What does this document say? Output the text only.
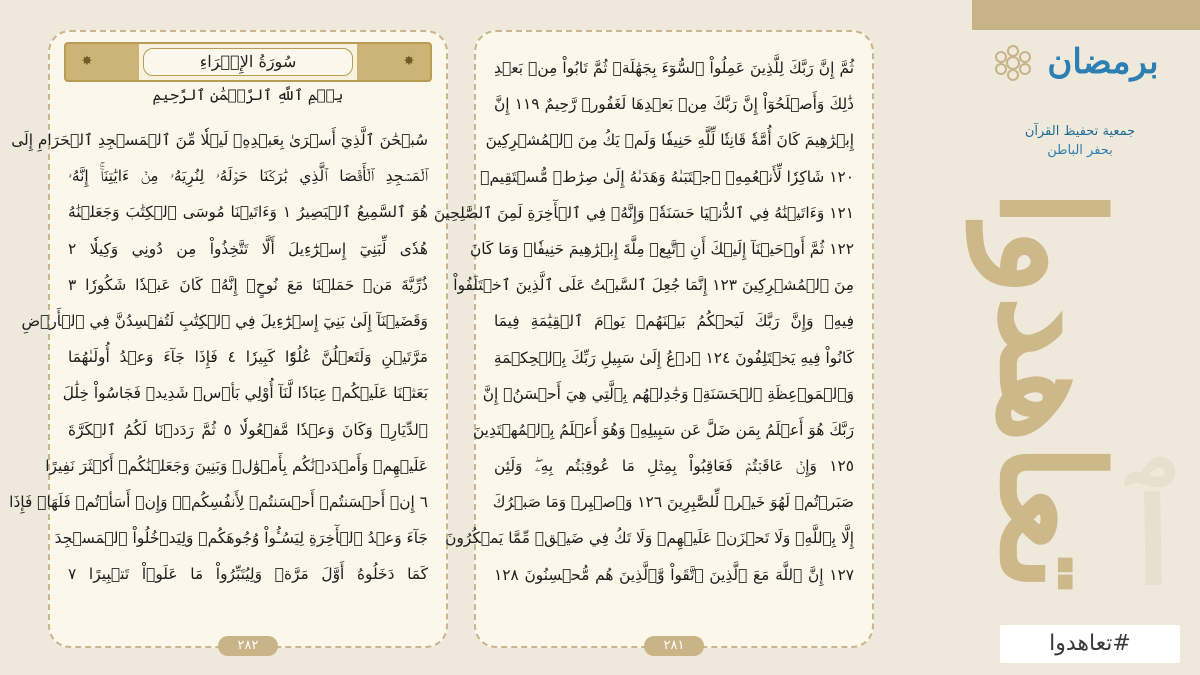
ٱ
برمضان
جمعية تحفيظ القرآن
بحفر الباطن
تعاهدوا
#تعاهدوا
✸	سُورَةُ الإِسۡرَاءِ	✸
بِسۡمِ ٱللَّهِ ٱلرَّحۡمَٰنِ ٱلرَّحِيمِ
سُبۡحَٰنَ ٱلَّذِيٓ أَسۡرَىٰ بِعَبۡدِهِۦ لَيۡلٗا مِّنَ ٱلۡمَسۡجِدِ ٱلۡحَرَامِ إِلَى
ٱلۡمَسۡجِدِ ٱلۡأَقۡصَا ٱلَّذِي بَٰرَكۡنَا حَوۡلَهُۥ لِنُرِيَهُۥ مِنۡ ءَايَٰتِنَآۚ إِنَّهُۥ
هُوَ ٱلسَّمِيعُ ٱلۡبَصِيرُ ١ وَءَاتَيۡنَا مُوسَى ٱلۡكِتَٰبَ وَجَعَلۡنَٰهُ
هُدٗى لِّبَنِيٓ إِسۡرَٰٓءِيلَ أَلَّا تَتَّخِذُواْ مِن دُونِي وَكِيلٗا ٢
ذُرِّيَّةَ مَنۡ حَمَلۡنَا مَعَ نُوحٍۚ إِنَّهُۥ كَانَ عَبۡدٗا شَكُورٗا ٣
وَقَضَيۡنَآ إِلَىٰ بَنِيٓ إِسۡرَٰٓءِيلَ فِي ٱلۡكِتَٰبِ لَتُفۡسِدُنَّ فِي ٱلۡأَرۡضِ
مَرَّتَيۡنِ وَلَتَعۡلُنَّ عُلُوّٗا كَبِيرٗا ٤ فَإِذَا جَآءَ وَعۡدُ أُولَىٰهُمَا
بَعَثۡنَا عَلَيۡكُمۡ عِبَادٗا لَّنَآ أُوْلِي بَأۡسٖ شَدِيدٖ فَجَاسُواْ خِلَٰلَ
ٱلدِّيَارِۚ وَكَانَ وَعۡدٗا مَّفۡعُولٗا ٥ ثُمَّ رَدَدۡنَا لَكُمُ ٱلۡكَرَّةَ
عَلَيۡهِمۡ وَأَمۡدَدۡنَٰكُم بِأَمۡوَٰلٖ وَبَنِينَ وَجَعَلۡنَٰكُمۡ أَكۡثَرَ نَفِيرًا
٦ إِنۡ أَحۡسَنتُمۡ أَحۡسَنتُمۡ لِأَنفُسِكُمۡۖ وَإِنۡ أَسَأۡتُمۡ فَلَهَاۚ فَإِذَا
جَآءَ وَعۡدُ ٱلۡأٓخِرَةِ لِيَسُـُٔواْ وُجُوهَكُمۡ وَلِيَدۡخُلُواْ ٱلۡمَسۡجِدَ
كَمَا دَخَلُوهُ أَوَّلَ مَرَّةٖ وَلِيُتَبِّرُواْ مَا عَلَوۡاْ تَتۡبِيرًا ٧
٢٨٢
ثُمَّ إِنَّ رَبَّكَ لِلَّذِينَ عَمِلُواْ ٱلسُّوٓءَ بِجَهَٰلَةٖ ثُمَّ تَابُواْ مِنۢ بَعۡدِ
ذَٰلِكَ وَأَصۡلَحُوٓاْ إِنَّ رَبَّكَ مِنۢ بَعۡدِهَا لَغَفُورٞ رَّحِيمٌ ١١٩ إِنَّ
إِبۡرَٰهِيمَ كَانَ أُمَّةٗ قَانِتٗا لِّلَّهِ حَنِيفٗا وَلَمۡ يَكُ مِنَ ٱلۡمُشۡرِكِينَ
١٢٠ شَاكِرٗا لِّأَنۡعُمِهِۚ ٱجۡتَبَىٰهُ وَهَدَىٰهُ إِلَىٰ صِرَٰطٖ مُّسۡتَقِيمٖ
١٢١ وَءَاتَيۡنَٰهُ فِي ٱلدُّنۡيَا حَسَنَةٗۖ وَإِنَّهُۥ فِي ٱلۡأٓخِرَةِ لَمِنَ ٱلصَّٰلِحِينَ
١٢٢ ثُمَّ أَوۡحَيۡنَآ إِلَيۡكَ أَنِ ٱتَّبِعۡ مِلَّةَ إِبۡرَٰهِيمَ حَنِيفٗاۖ وَمَا كَانَ
مِنَ ٱلۡمُشۡرِكِينَ ١٢٣ إِنَّمَا جُعِلَ ٱلسَّبۡتُ عَلَى ٱلَّذِينَ ٱخۡتَلَفُواْ
فِيهِۚ وَإِنَّ رَبَّكَ لَيَحۡكُمُ بَيۡنَهُمۡ يَوۡمَ ٱلۡقِيَٰمَةِ فِيمَا
كَانُواْ فِيهِ يَخۡتَلِفُونَ ١٢٤ ٱدۡعُ إِلَىٰ سَبِيلِ رَبِّكَ بِٱلۡحِكۡمَةِ
وَٱلۡمَوۡعِظَةِ ٱلۡحَسَنَةِۖ وَجَٰدِلۡهُم بِٱلَّتِي هِيَ أَحۡسَنُۚ إِنَّ
رَبَّكَ هُوَ أَعۡلَمُ بِمَن ضَلَّ عَن سَبِيلِهِۦ وَهُوَ أَعۡلَمُ بِٱلۡمُهۡتَدِينَ
١٢٥ وَإِنۡ عَاقَبۡتُمۡ فَعَاقِبُواْ بِمِثۡلِ مَا عُوقِبۡتُم بِهِۦۖ وَلَئِن
صَبَرۡتُمۡ لَهُوَ خَيۡرٞ لِّلصَّٰبِرِينَ ١٢٦ وَٱصۡبِرۡ وَمَا صَبۡرُكَ
إِلَّا بِٱللَّهِۚ وَلَا تَحۡزَنۡ عَلَيۡهِمۡ وَلَا تَكُ فِي ضَيۡقٖ مِّمَّا يَمۡكُرُونَ
١٢٧ إِنَّ ٱللَّهَ مَعَ ٱلَّذِينَ ٱتَّقَواْ وَّٱلَّذِينَ هُم مُّحۡسِنُونَ ١٢٨
٢٨١
